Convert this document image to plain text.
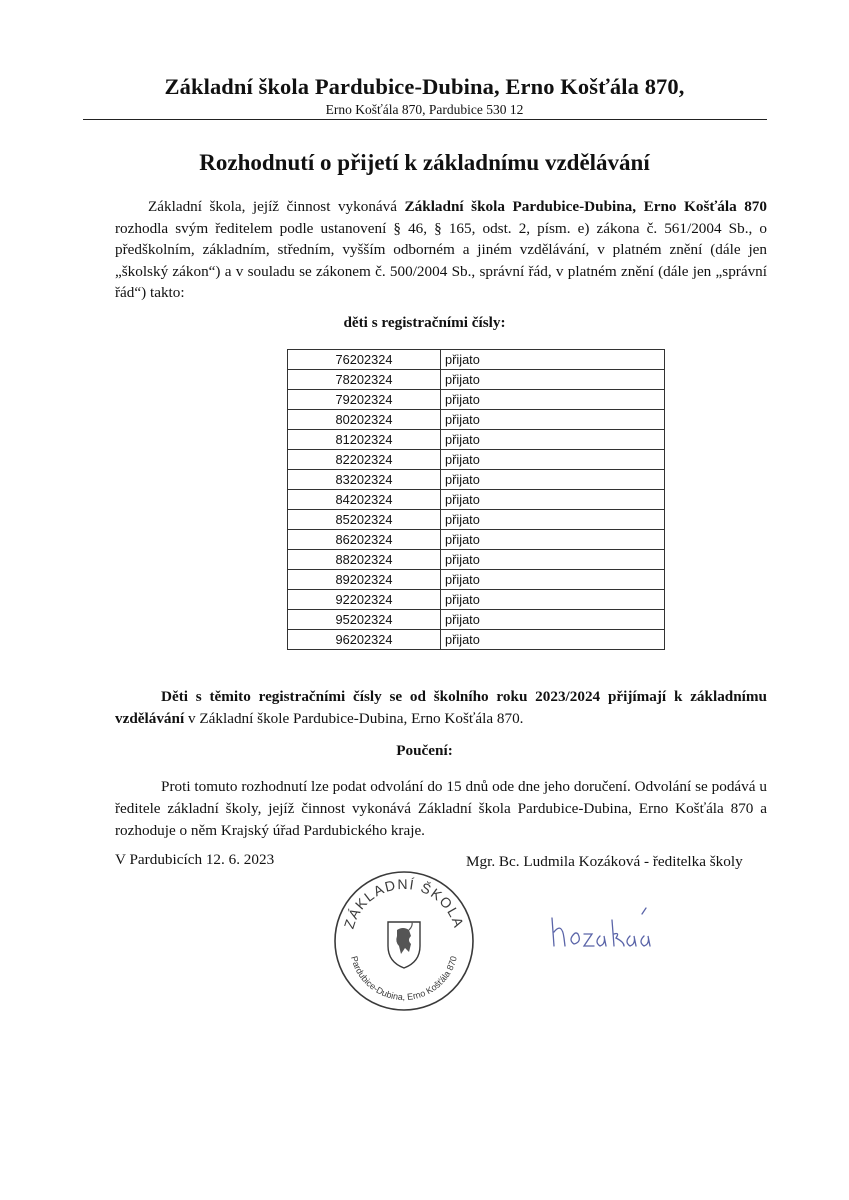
Základní škola Pardubice-Dubina, Erno Košťála 870,
Erno Košťála 870, Pardubice 530 12
Rozhodnutí o přijetí k základnímu vzdělávání
Základní škola, jejíž činnost vykonává Základní škola Pardubice-Dubina, Erno Košťála 870 rozhodla svým ředitelem podle ustanovení § 46, § 165, odst. 2, písm. e) zákona č. 561/2004 Sb., o předškolním, základním, středním, vyšším odborném a jiném vzdělávání, v platném znění (dále jen „školský zákon“) a v souladu se zákonem č. 500/2004 Sb., správní řád, v platném znění (dále jen „správní řád“) takto:
děti s registračními čísly:
76202324	přijato
78202324	přijato
79202324	přijato
80202324	přijato
81202324	přijato
82202324	přijato
83202324	přijato
84202324	přijato
85202324	přijato
86202324	přijato
88202324	přijato
89202324	přijato
92202324	přijato
95202324	přijato
96202324	přijato
Děti s těmito registračními čísly se od školního roku 2023/2024 přijímají k základnímu vzdělávání v Základní škole Pardubice-Dubina, Erno Košťála 870.
Poučení:
Proti tomuto rozhodnutí lze podat odvolání do 15 dnů ode dne jeho doručení. Odvolání se podává u ředitele základní školy, jejíž činnost vykonává Základní škola Pardubice-Dubina, Erno Košťála 870 a rozhoduje o něm Krajský úřad Pardubického kraje.
V Pardubicích 12. 6. 2023	Mgr. Bc. Ludmila Kozáková - ředitelka školy
ZÁKLADNÍ ŠKOLA
Pardubice-Dubina, Erno Košťála 870
